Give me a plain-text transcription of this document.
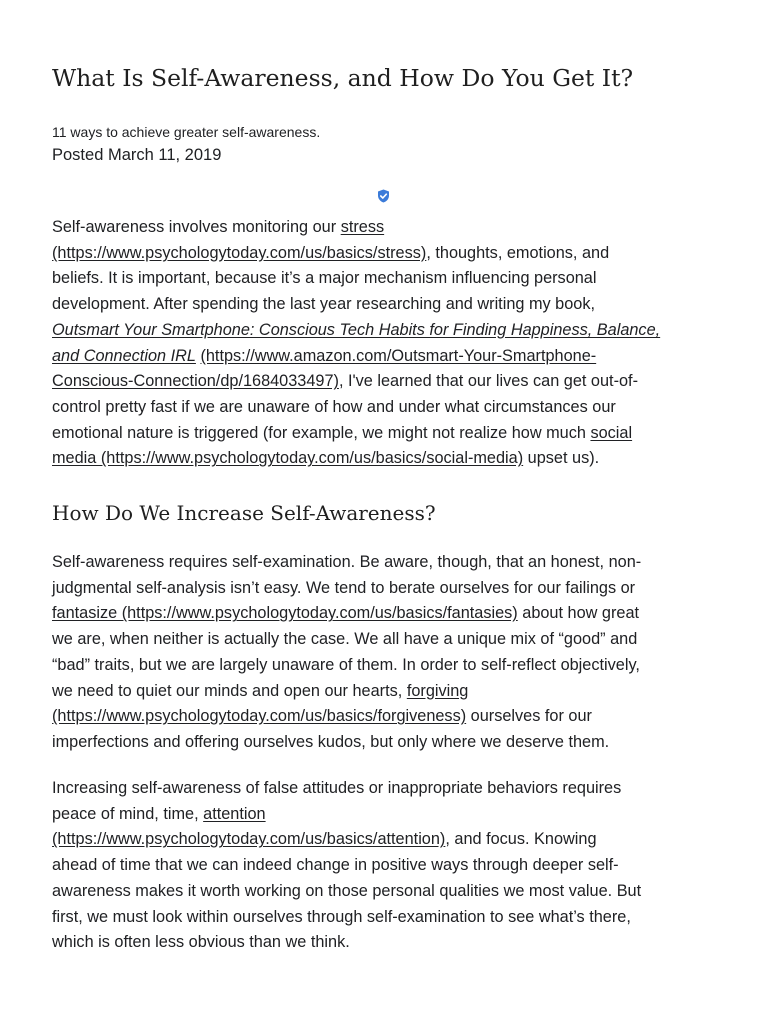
What Is Self-Awareness, and How Do You Get It?
11 ways to achieve greater self-awareness.
Posted March 11, 2019

Self-awareness involves monitoring our stress
(https://www.psychologytoday.com/us/basics/stress), thoughts, emotions, and
beliefs. It is important, because it’s a major mechanism influencing personal
development. After spending the last year researching and writing my book,
Outsmart Your Smartphone: Conscious Tech Habits for Finding Happiness, Balance,
and Connection IRL (https://www.amazon.com/Outsmart-Your-Smartphone-
Conscious-Connection/dp/1684033497), I've learned that our lives can get out-of-
control pretty fast if we are unaware of how and under what circumstances our
emotional nature is triggered (for example, we might not realize how much social
media (https://www.psychologytoday.com/us/basics/social-media) upset us).

How Do We Increase Self-Awareness?

Self-awareness requires self-examination. Be aware, though, that an honest, non-
judgmental self-analysis isn’t easy. We tend to berate ourselves for our failings or
fantasize (https://www.psychologytoday.com/us/basics/fantasies) about how great
we are, when neither is actually the case. We all have a unique mix of “good” and
“bad” traits, but we are largely unaware of them. In order to self-reflect objectively,
we need to quiet our minds and open our hearts, forgiving
(https://www.psychologytoday.com/us/basics/forgiveness) ourselves for our
imperfections and offering ourselves kudos, but only where we deserve them.

Increasing self-awareness of false attitudes or inappropriate behaviors requires
peace of mind, time, attention
(https://www.psychologytoday.com/us/basics/attention), and focus. Knowing
ahead of time that we can indeed change in positive ways through deeper self-
awareness makes it worth working on those personal qualities we most value. But
first, we must look within ourselves through self-examination to see what’s there,
which is often less obvious than we think.
